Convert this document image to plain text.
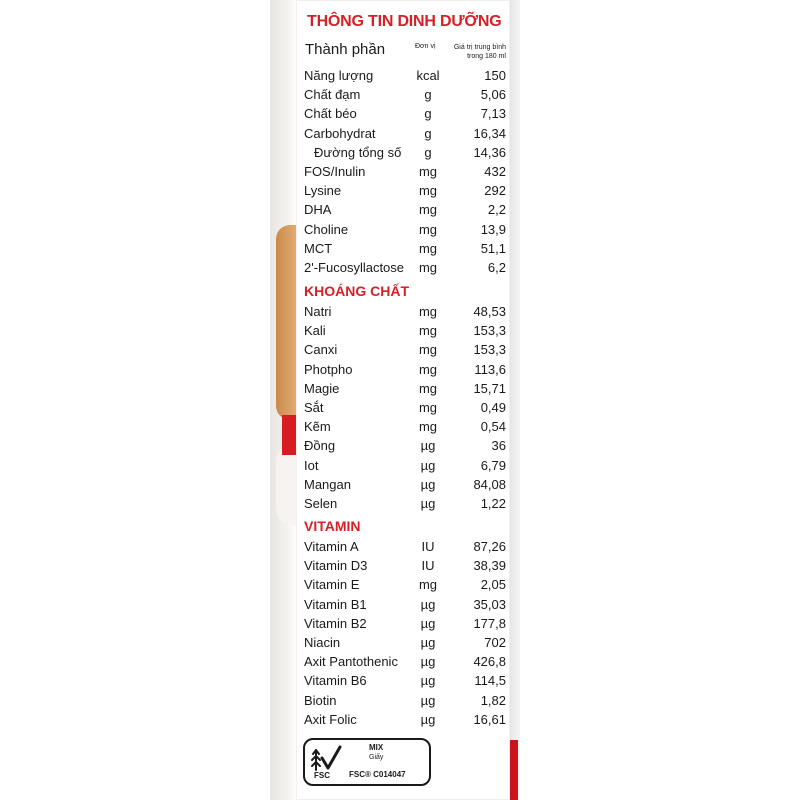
THÔNG TIN DINH DƯỠNG
Thành phần	Đơn vị	Giá trị trung bình
trong 180 ml
Năng lượng	kcal	150
Chất đạm	g	5,06
Chất béo	g	7,13
Carbohydrat	g	16,34
Đường tổng số	g	14,36
FOS/Inulin	mg	432
Lysine	mg	292
DHA	mg	2,2
Choline	mg	13,9
MCT	mg	51,1
2'-Fucosyllactose mg	6,2
KHOÁNG CHẤT
Natri	mg	48,53
Kali	mg	153,3
Canxi	mg	153,3
Photpho	mg	113,6
Magie	mg	15,71
Sắt	mg	0,49
Kẽm	mg	0,54
Đồng	µg	36
Iot	µg	6,79
Mangan	µg	84,08
Selen	µg	1,22
VITAMIN
Vitamin A	IU	87,26
Vitamin D3	IU	38,39
Vitamin E	mg	2,05
Vitamin B1	µg	35,03
Vitamin B2	µg	177,8
Niacin	µg	702
Axit Pantothenic	µg	426,8
Vitamin B6	µg	114,5
Biotin	µg	1,82
Axit Folic	µg	16,61
FSC
MIX
Giấy
FSC® C014047
